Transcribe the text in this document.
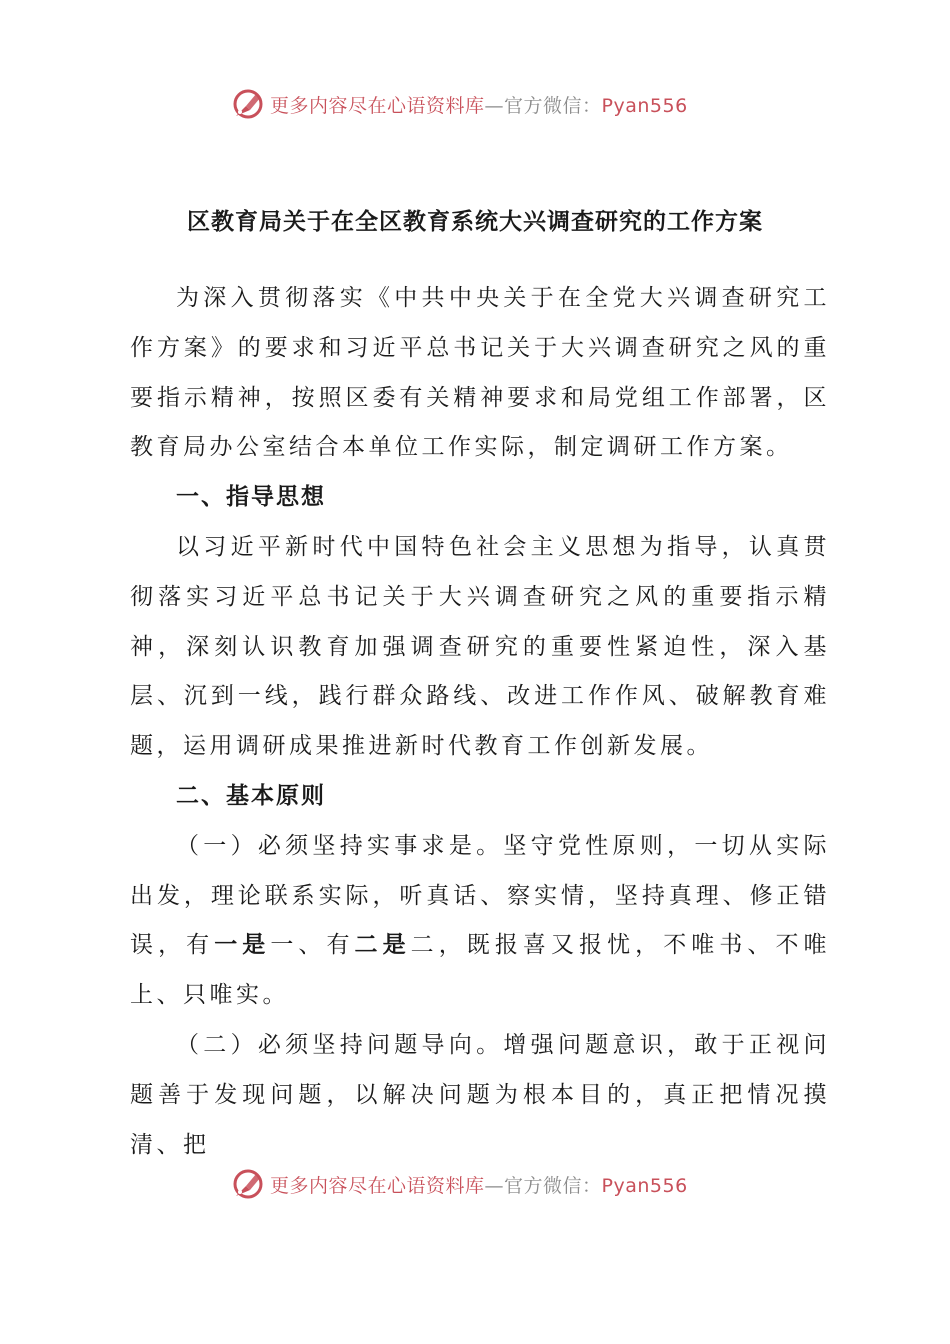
更多内容尽在心语资料库—官方微信：Pyan556
区教育局关于在全区教育系统大兴调查研究的工作方案

为深入贯彻落实《中共中央关于在全党大兴调查研究工作方案》的要求和习近平总书记关于大兴调查研究之风的重要指示精神，按照区委有关精神要求和局党组工作部署，区教育局办公室结合本单位工作实际，制定调研工作方案。

一、指导思想

以习近平新时代中国特色社会主义思想为指导，认真贯彻落实习近平总书记关于大兴调查研究之风的重要指示精神，深刻认识教育加强调查研究的重要性紧迫性，深入基层、沉到一线，践行群众路线、改进工作作风、破解教育难题，运用调研成果推进新时代教育工作创新发展。

二、基本原则

（一）必须坚持实事求是。坚守党性原则，一切从实际出发，理论联系实际，听真话、察实情，坚持真理、修正错误，有一是一、有二是二，既报喜又报忧，不唯书、不唯上、只唯实。

（二）必须坚持问题导向。增强问题意识，敢于正视问题善于发现问题，以解决问题为根本目的，真正把情况摸清、把

更多内容尽在心语资料库—官方微信：Pyan556
